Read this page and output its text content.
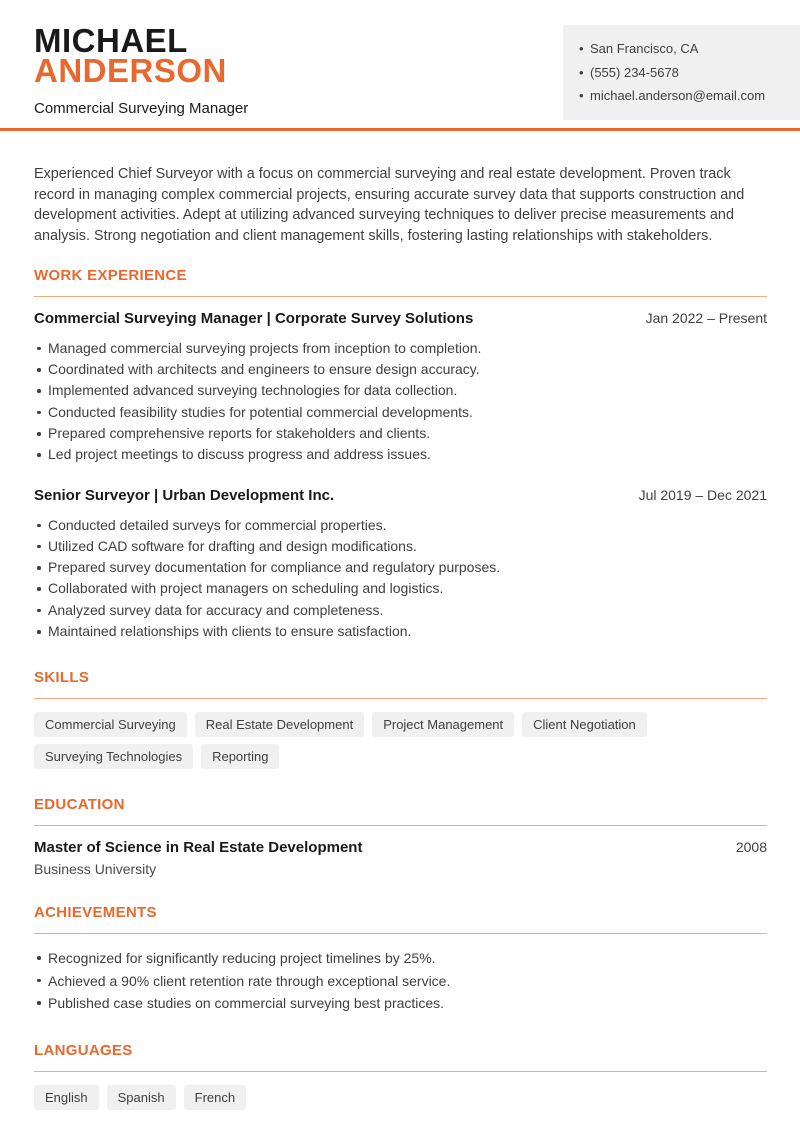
MICHAEL
ANDERSON
Commercial Surveying Manager
• San Francisco, CA
• (555) 234-5678
• michael.anderson@email.com

Experienced Chief Surveyor with a focus on commercial surveying and real estate development. Proven track record in managing complex commercial projects, ensuring accurate survey data that supports construction and development activities. Adept at utilizing advanced surveying techniques to deliver precise measurements and analysis. Strong negotiation and client management skills, fostering lasting relationships with stakeholders.

WORK EXPERIENCE
Commercial Surveying Manager | Corporate Survey Solutions	Jan 2022 – Present
Managed commercial surveying projects from inception to completion.
Coordinated with architects and engineers to ensure design accuracy.
Implemented advanced surveying technologies for data collection.
Conducted feasibility studies for potential commercial developments.
Prepared comprehensive reports for stakeholders and clients.
Led project meetings to discuss progress and address issues.
Senior Surveyor | Urban Development Inc.	Jul 2019 – Dec 2021
Conducted detailed surveys for commercial properties.
Utilized CAD software for drafting and design modifications.
Prepared survey documentation for compliance and regulatory purposes.
Collaborated with project managers on scheduling and logistics.
Analyzed survey data for accuracy and completeness.
Maintained relationships with clients to ensure satisfaction.
SKILLS
Commercial Surveying	Real Estate Development	Project Management	Client Negotiation
Surveying Technologies	Reporting
EDUCATION
Master of Science in Real Estate Development	2008
Business University
ACHIEVEMENTS
Recognized for significantly reducing project timelines by 25%.
Achieved a 90% client retention rate through exceptional service.
Published case studies on commercial surveying best practices.
LANGUAGES
English	Spanish	French
